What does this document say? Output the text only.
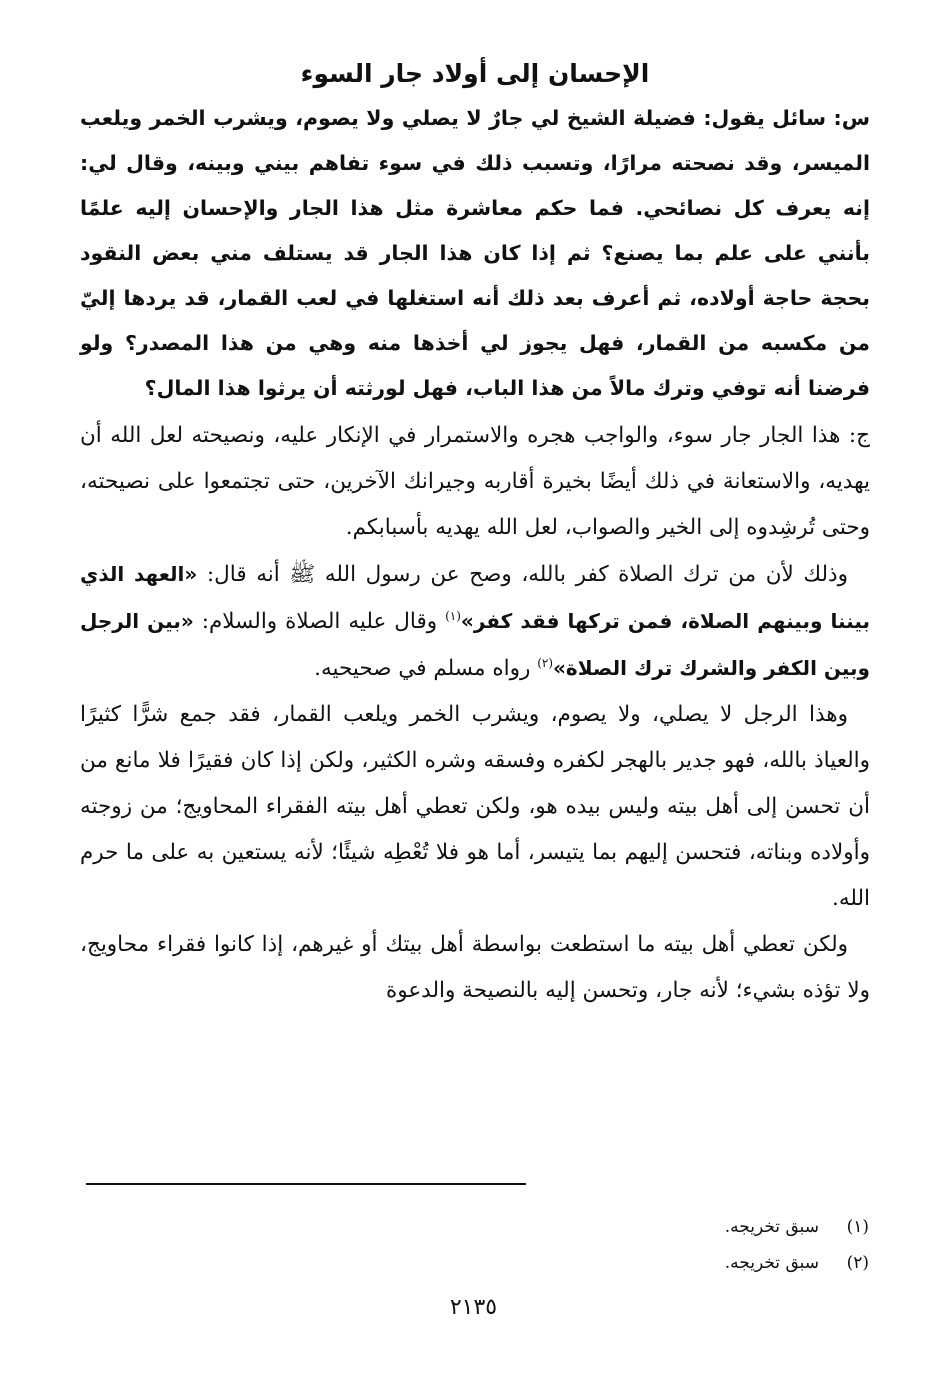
الإحسان إلى أولاد جار السوء

س: سائل يقول: فضيلة الشيخ لي جارٌ لا يصلي ولا يصوم، ويشرب الخمر ويلعب الميسر، وقد نصحته مرارًا، وتسبب ذلك في سوء تفاهم بيني وبينه، وقال لي: إنه يعرف كل نصائحي. فما حكم معاشرة مثل هذا الجار والإحسان إليه علمًا بأنني على علم بما يصنع؟ ثم إذا كان هذا الجار قد يستلف مني بعض النقود بحجة حاجة أولاده، ثم أعرف بعد ذلك أنه استغلها في لعب القمار، قد يردها إليّ من مكسبه من القمار، فهل يجوز لي أخذها منه وهي من هذا المصدر؟ ولو فرضنا أنه توفي وترك مالاً من هذا الباب، فهل لورثته أن يرثوا هذا المال؟

ج: هذا الجار جار سوء، والواجب هجره والاستمرار في الإنكار عليه، ونصيحته لعل الله أن يهديه، والاستعانة في ذلك أيضًا بخيرة أقاربه وجيرانك الآخرين، حتى تجتمعوا على نصيحته، وحتى تُرشِدوه إلى الخير والصواب، لعل الله يهديه بأسبابكم.

وذلك لأن من ترك الصلاة كفر بالله، وصح عن رسول الله ﷺ أنه قال: «العهد الذي بيننا وبينهم الصلاة، فمن تركها فقد كفر»$^{(١)}$ وقال عليه الصلاة والسلام: «بين الرجل وبين الكفر والشرك ترك الصلاة»$^{(٢)}$ رواه مسلم في صحيحيه.

وهذا الرجل لا يصلي، ولا يصوم، ويشرب الخمر ويلعب القمار، فقد جمع شرًّا كثيرًا والعياذ بالله، فهو جدير بالهجر لكفره وفسقه وشره الكثير، ولكن إذا كان فقيرًا فلا مانع من أن تحسن إلى أهل بيته وليس بيده هو، ولكن تعطي أهل بيته الفقراء المحاويج؛ من زوجته وأولاده وبناته، فتحسن إليهم بما يتيسر، أما هو فلا تُعْطِه شيئًا؛ لأنه يستعين به على ما حرم الله.

ولكن تعطي أهل بيته ما استطعت بواسطة أهل بيتك أو غيرهم، إذا كانوا فقراء محاويج، ولا تؤذه بشيء؛ لأنه جار، وتحسن إليه بالنصيحة والدعوة

(١)سبق تخريجه.
(٢)سبق تخريجه.
٢١٣٥
